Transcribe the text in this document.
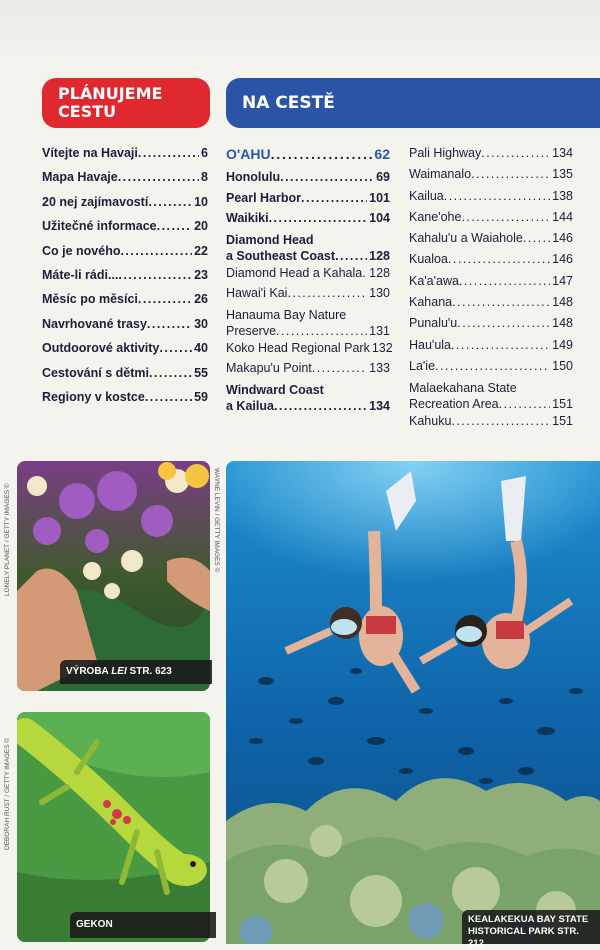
PLÁNUJEME
CESTU	NA CESTĚ
Vítejte na Havaji . . .	6
Mapa Havaje . . .	8
20 nej zajímavostí . . .	10
Užitečné informace . . .	20
Co je nového . . .	22
Máte-li rádi... . . .	23
Měsíc po měsíci . . .	26
Navrhované trasy . . .	30
Outdoorové aktivity . . .	40
Cestování s dětmi . . .	55
Regiony v kostce . . .	59
O'AHU . . .	62
Honolulu . . .	69
Pearl Harbor . . .	101
Waikiki . . .	104
Diamond Head
a Southeast Coast . . .	128
Diamond Head a Kahala . . . 128
Hawai'i Kai . . .	130
Hanauma Bay Nature
Preserve . . .	131
Koko Head Regional Park 132
Makapu'u Point . . .	133
Windward Coast
a Kailua . . .	134
Pali Highway . . .	134
Waimanalo . . .	135
Kailua . . .	138
Kane'ohe . . .	144
Kahalu'u a Waiahole . . . 146
Kualoa . . .	146
Ka'a'awa . . .	147
Kahana . . .	148
Punalu'u . . .	148
Hau'ula . . .	149
La'ie . . .	150
Malaekahana State
Recreation Area . . .	151
Kahuku . . .	151
VÝROBA LEI STR. 623
LONELY PLANET / GETTY IMAGES ©
GEKON
DEBORAH RUST / GETTY IMAGES ©
KEALAKEKUA BAY STATE
HISTORICAL PARK STR. 212
WAYNE LEVIN / GETTY IMAGES ©
